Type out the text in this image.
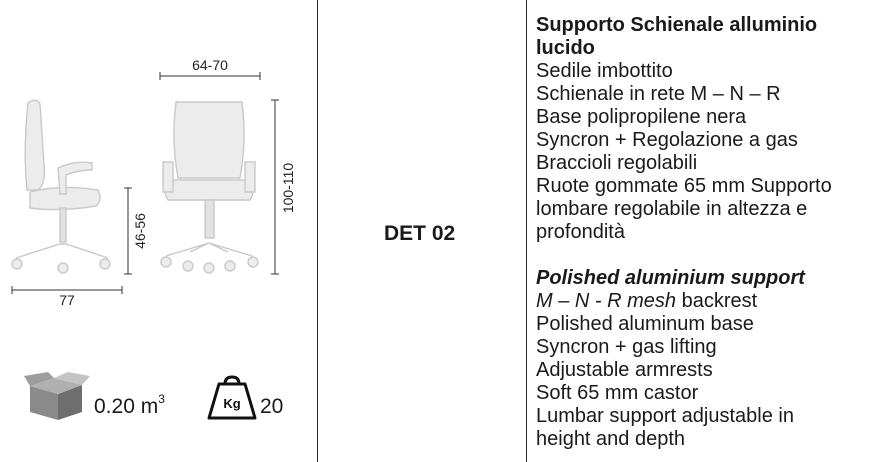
64-70
100-110
46-56
77
0.20 $m^3$	Kg 20
DET 02
Supporto Schienale alluminio
lucido
Sedile imbottito
Schienale in rete M – N – R
Base polipropilene nera
Syncron + Regolazione a gas
Braccioli regolabili
Ruote gommate 65 mm Supporto
lombare regolabile in altezza e
profondità
Polished aluminium support
M – N - R mesh backrest
Polished aluminum base
Syncron + gas lifting
Adjustable armrests
Soft 65 mm castor
Lumbar support adjustable in
height and depth
